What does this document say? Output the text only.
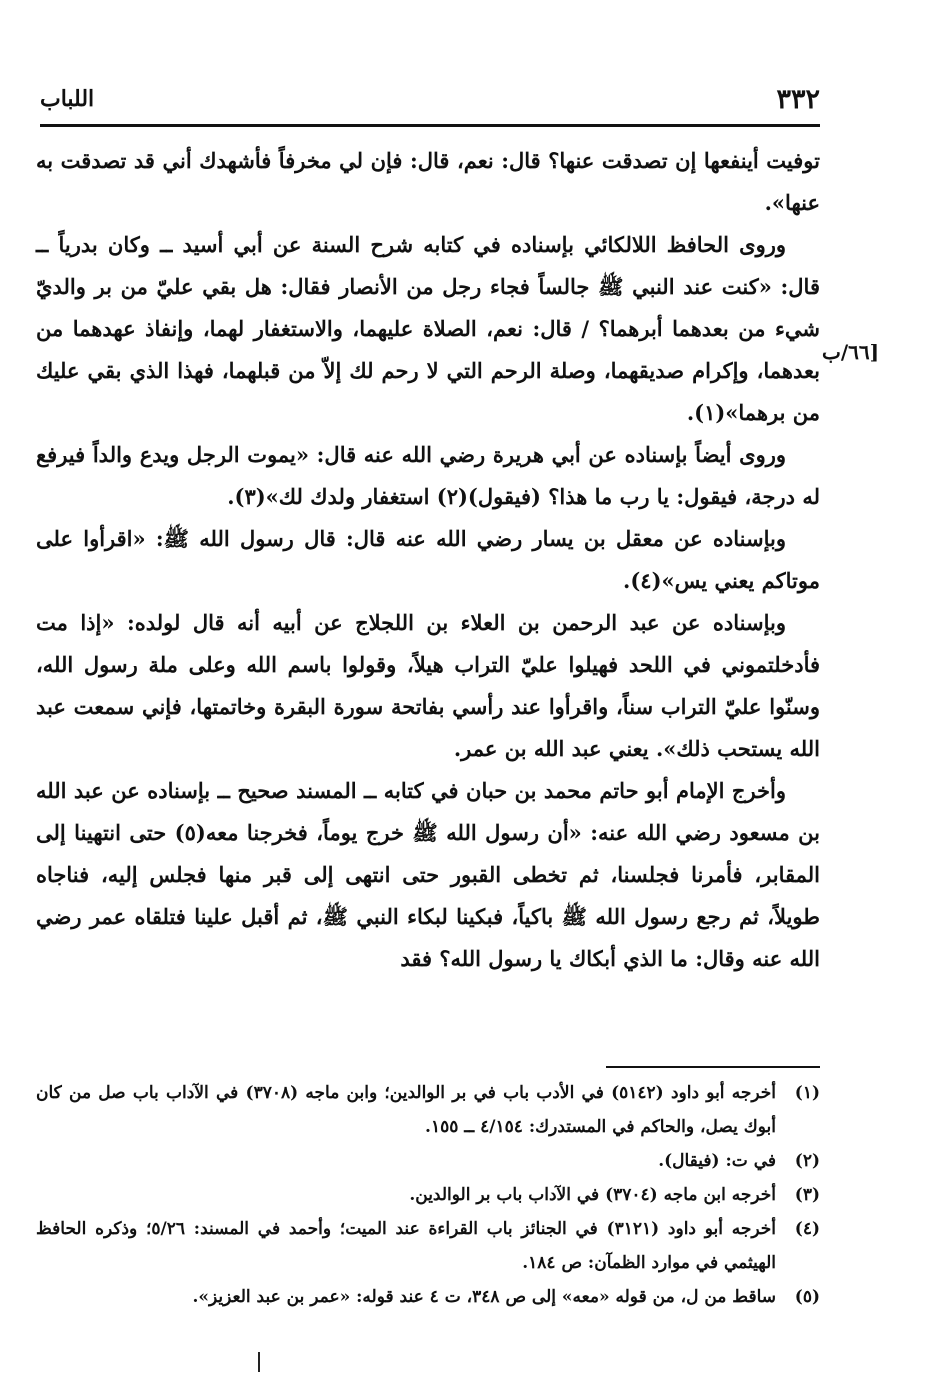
٣٣٢
اللباب
٦٦/ب]

توفيت أينفعها إن تصدقت عنها؟ قال: نعم، قال: فإن لي مخرفاً فأشهدك أني قد تصدقت به عنها».

وروى الحافظ اللالكائي بإسناده في كتابه شرح السنة عن أبي أسيد ــ وكان بدرياً ــ قال: «كنت عند النبي ﷺ جالساً فجاء رجل من الأنصار فقال: هل بقي عليّ من بر والديّ شيء من بعدهما أبرهما؟ / قال: نعم، الصلاة عليهما، والاستغفار لهما، وإنفاذ عهدهما من بعدهما، وإكرام صديقهما، وصلة الرحم التي لا رحم لك إلاّ من قبلهما، فهذا الذي بقي عليك من برهما»(١).

وروى أيضاً بإسناده عن أبي هريرة رضي الله عنه قال: «يموت الرجل ويدع والداً فيرفع له درجة، فيقول: يا رب ما هذا؟ (فيقول)(٢) استغفار ولدك لك»(٣).

وبإسناده عن معقل بن يسار رضي الله عنه قال: قال رسول الله ﷺ: «اقرأوا على موتاكم يعني يس»(٤).

وبإسناده عن عبد الرحمن بن العلاء بن اللجلاج عن أبيه أنه قال لولده: «إذا مت فأدخلتموني في اللحد فهيلوا عليّ التراب هيلاً، وقولوا باسم الله وعلى ملة رسول الله، وسنّوا عليّ التراب سناً، واقرأوا عند رأسي بفاتحة سورة البقرة وخاتمتها، فإني سمعت عبد الله يستحب ذلك». يعني عبد الله بن عمر.

وأخرج الإمام أبو حاتم محمد بن حبان في كتابه ــ المسند صحيح ــ بإسناده عن عبد الله بن مسعود رضي الله عنه: «أن رسول الله ﷺ خرج يوماً، فخرجنا معه(٥) حتى انتهينا إلى المقابر، فأمرنا فجلسنا، ثم تخطى القبور حتى انتهى إلى قبر منها فجلس إليه، فناجاه طويلاً، ثم رجع رسول الله ﷺ باكياً، فبكينا لبكاء النبي ﷺ، ثم أقبل علينا فتلقاه عمر رضي الله عنه وقال: ما الذي أبكاك يا رسول الله؟ فقد

(١)
أخرجه أبو داود (٥١٤٢) في الأدب باب في بر الوالدين؛ وابن ماجه (٣٧٠٨) في الآداب باب صل من كان أبوك يصل، والحاكم في المستدرك: ٤/١٥٤ ــ ١٥٥.
(٢)
في ت: (فيقال).
(٣)
أخرجه ابن ماجه (٣٧٠٤) في الآداب باب بر الوالدين.
(٤)
أخرجه أبو داود (٣١٢١) في الجنائز باب القراءة عند الميت؛ وأحمد في المسند: ٥/٢٦؛ وذكره الحافظ الهيثمي في موارد الظمآن: ص ١٨٤.
(٥)
ساقط من ل، من قوله «معه» إلى ص ٣٤٨، ت ٤ عند قوله: «عمر بن عبد العزيز».
